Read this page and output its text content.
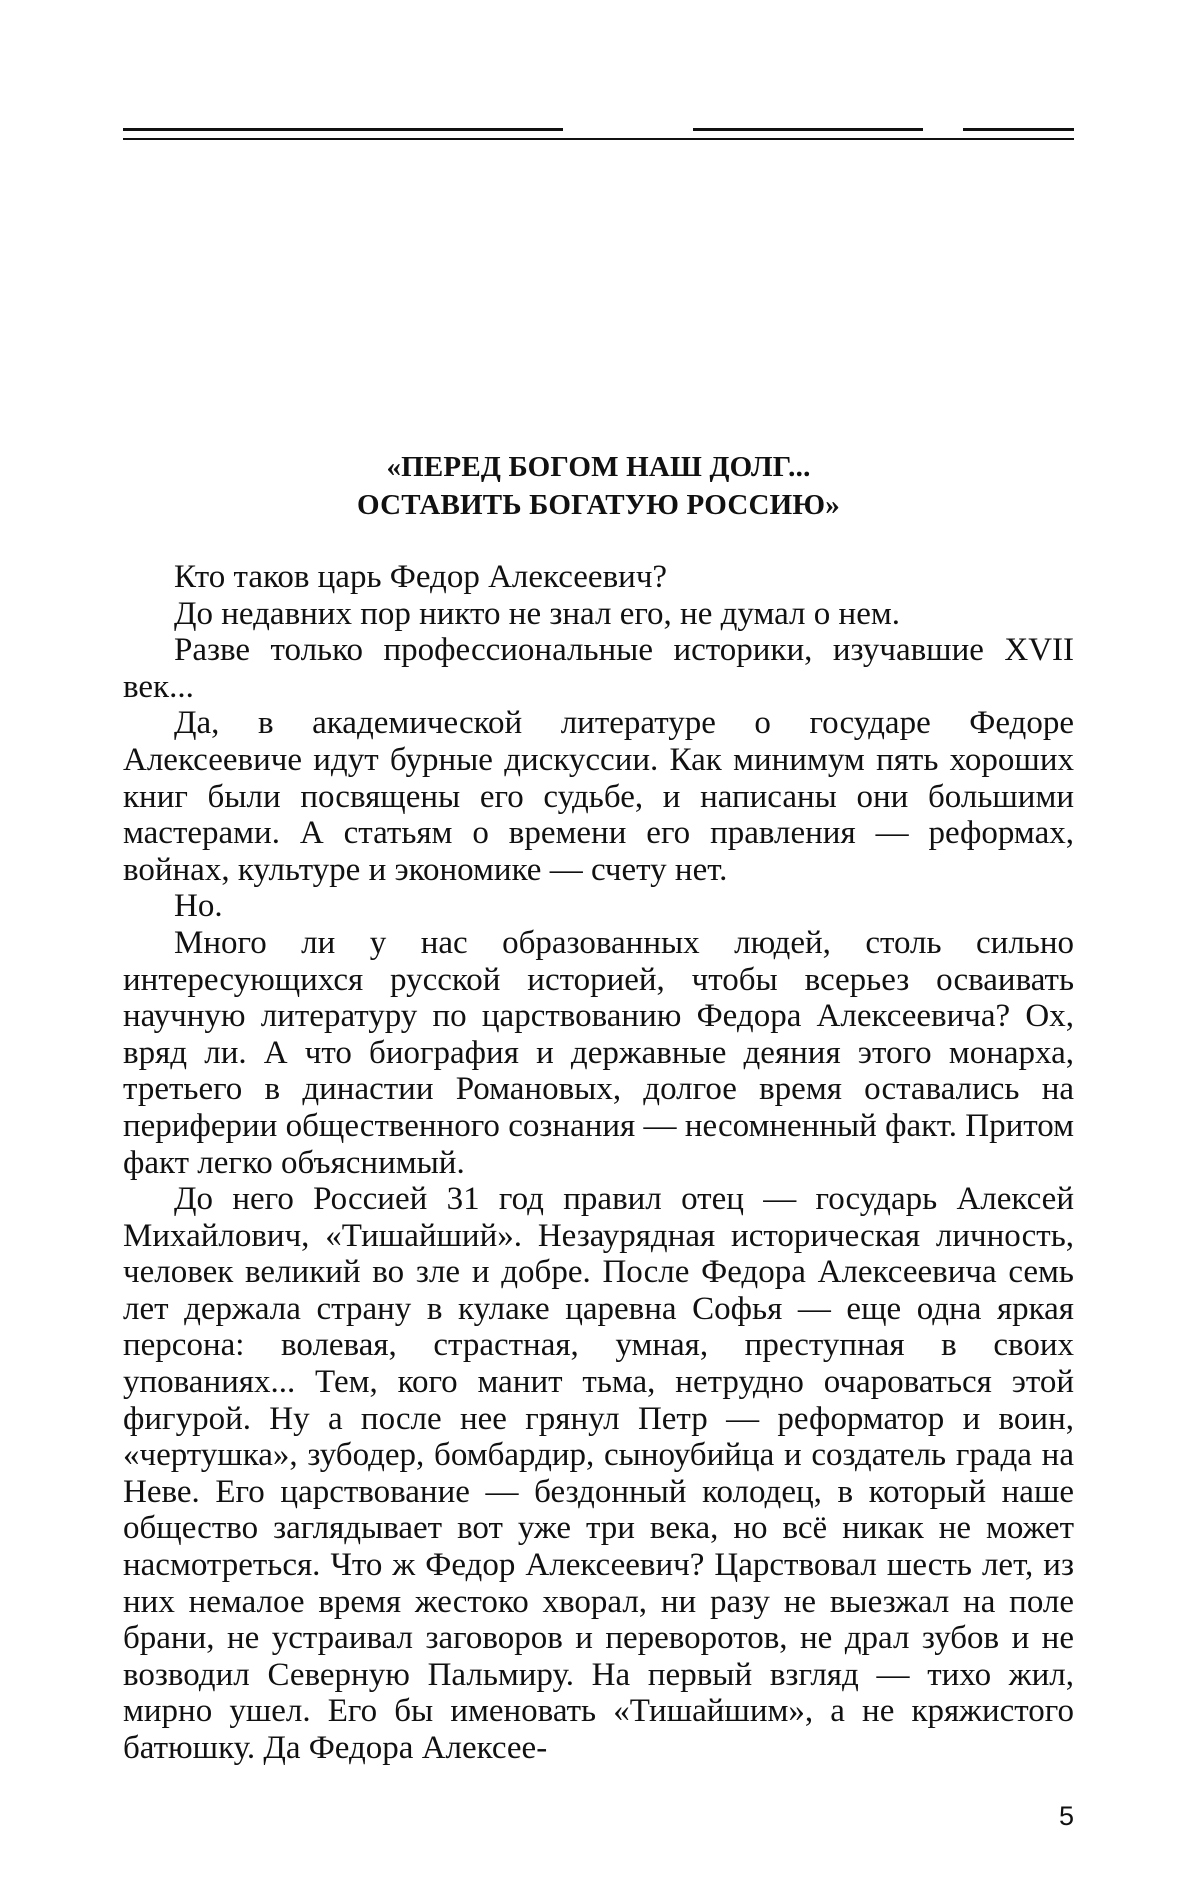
«ПЕРЕД БОГОМ НАШ ДОЛГ...
ОСТАВИТЬ БОГАТУЮ РОССИЮ»

Кто таков царь Федор Алексеевич?

До недавних пор никто не знал его, не думал о нем.

Разве только профессиональные историки, изучавшие XVII век...

Да, в академической литературе о государе Федоре Алексеевиче идут бурные дискуссии. Как минимум пять хороших книг были посвящены его судьбе, и написаны они большими мастерами. А статьям о времени его правления — реформах, войнах, культуре и экономике — счету нет.

Но.

Много ли у нас образованных людей, столь сильно интересующихся русской историей, чтобы всерьез осваивать научную литературу по царствованию Федора Алексеевича? Ох, вряд ли. А что биография и державные деяния этого монарха, третьего в династии Романовых, долгое время оставались на периферии общественного сознания — несомненный факт. Притом факт легко объяснимый.

До него Россией 31 год правил отец — государь Алексей Михайлович, «Тишайший». Незаурядная историческая личность, человек великий во зле и добре. После Федора Алексеевича семь лет держала страну в кулаке царевна Софья — еще одна яркая персона: волевая, страстная, умная, преступная в своих упованиях... Тем, кого манит тьма, нетрудно очароваться этой фигурой. Ну а после нее грянул Петр — реформатор и воин, «чертушка», зубодер, бомбардир, сыноубийца и создатель града на Неве. Его царствование — бездонный колодец, в который наше общество заглядывает вот уже три века, но всё никак не может насмотреться. Что ж Федор Алексеевич? Царствовал шесть лет, из них немалое время жестоко хворал, ни разу не выезжал на поле брани, не устраивал заговоров и переворотов, не драл зубов и не возводил Северную Пальмиру. На первый взгляд — тихо жил, мирно ушел. Его бы именовать «Тишайшим», а не кряжистого батюшку. Да Федора Алексее-

5
